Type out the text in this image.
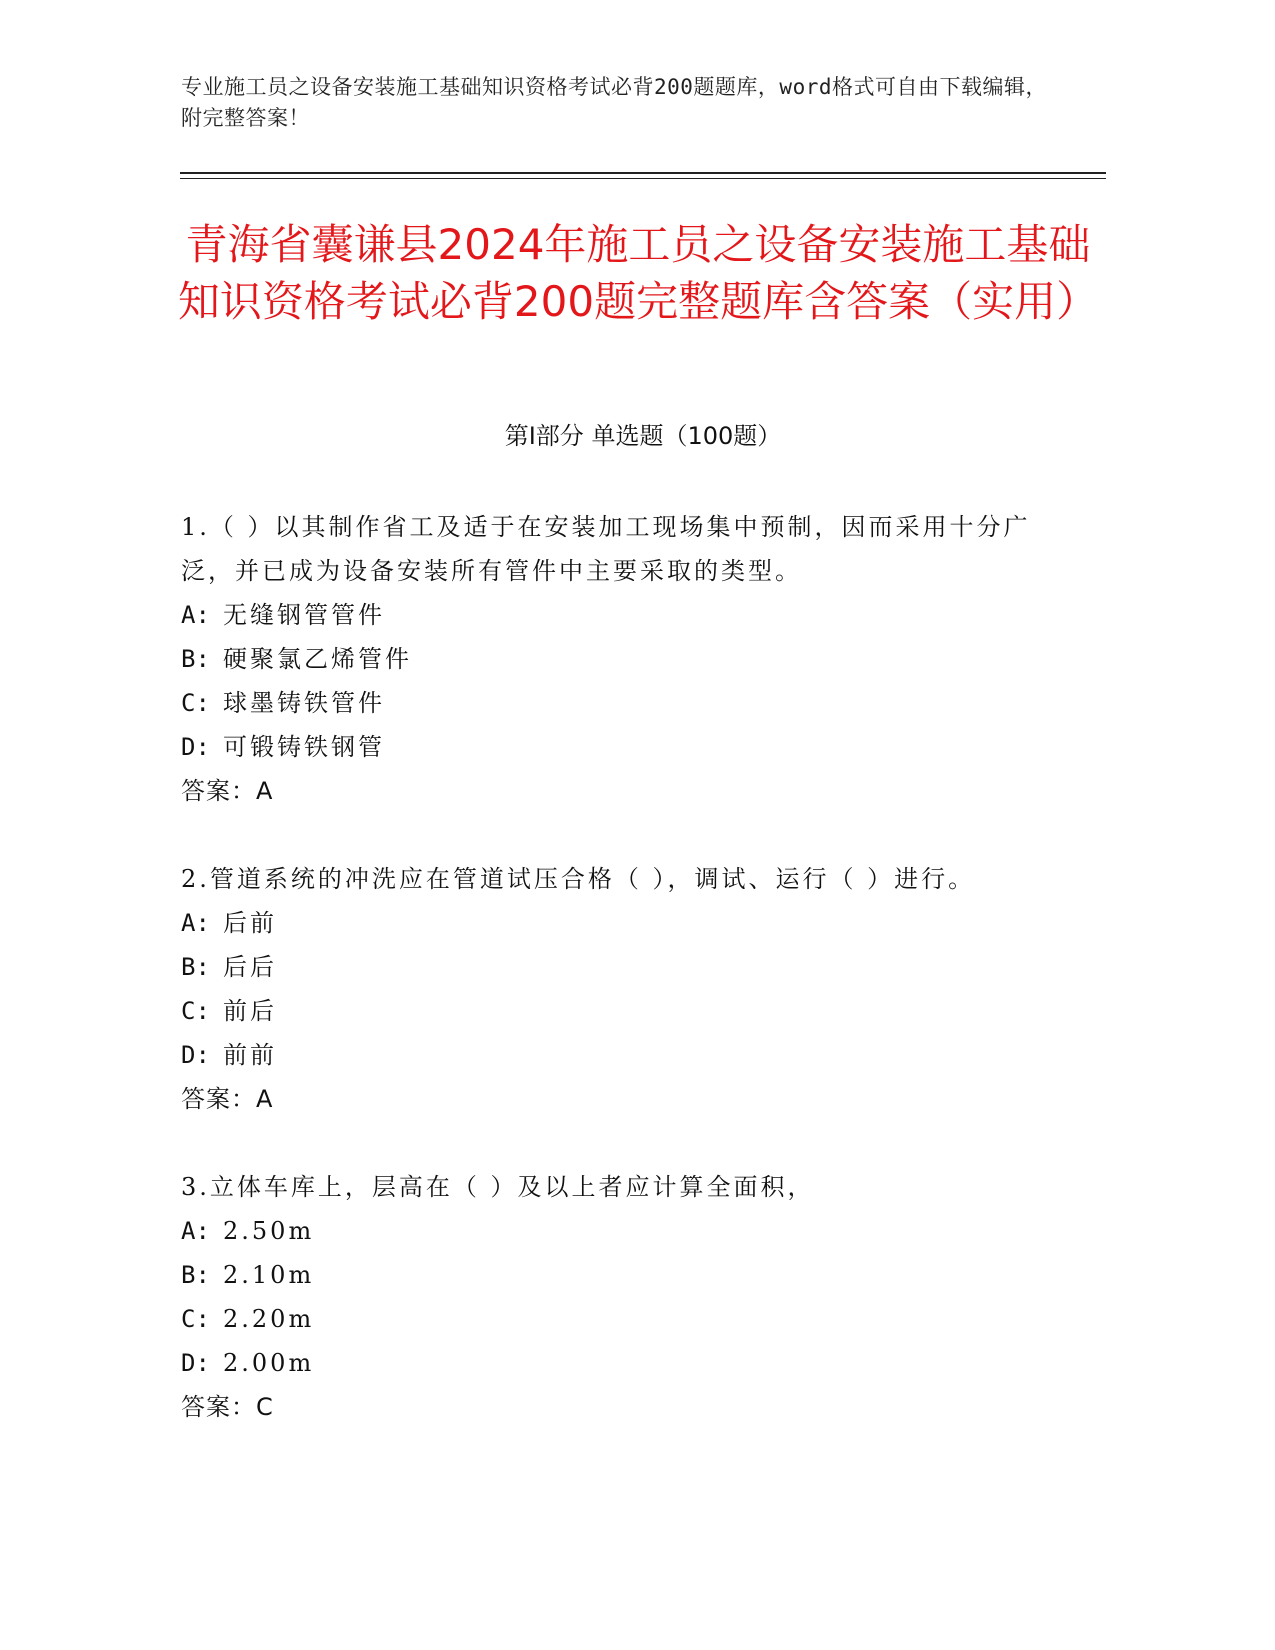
专业施工员之设备安装施工基础知识资格考试必背200题题库，word格式可自由下载编辑，附完整答案！
青海省囊谦县2024年施工员之设备安装施工基础知识资格考试必背200题完整题库含答案（实用）
第Ⅰ部分 单选题（100题）

1.（ ）以其制作省工及适于在安装加工现场集中预制，因而采用十分广泛，并已成为设备安装所有管件中主要采取的类型。

A: 无缝钢管管件
B: 硬聚氯乙烯管件
C: 球墨铸铁管件
D: 可锻铸铁钢管

答案：A

2.管道系统的冲洗应在管道试压合格（ ），调试、运行（ ）进行。

A: 后前
B: 后后
C: 前后
D: 前前

答案：A

3.立体车库上，层高在（ ）及以上者应计算全面积，

A: 2.50m
B: 2.10m
C: 2.20m
D: 2.00m

答案：C
